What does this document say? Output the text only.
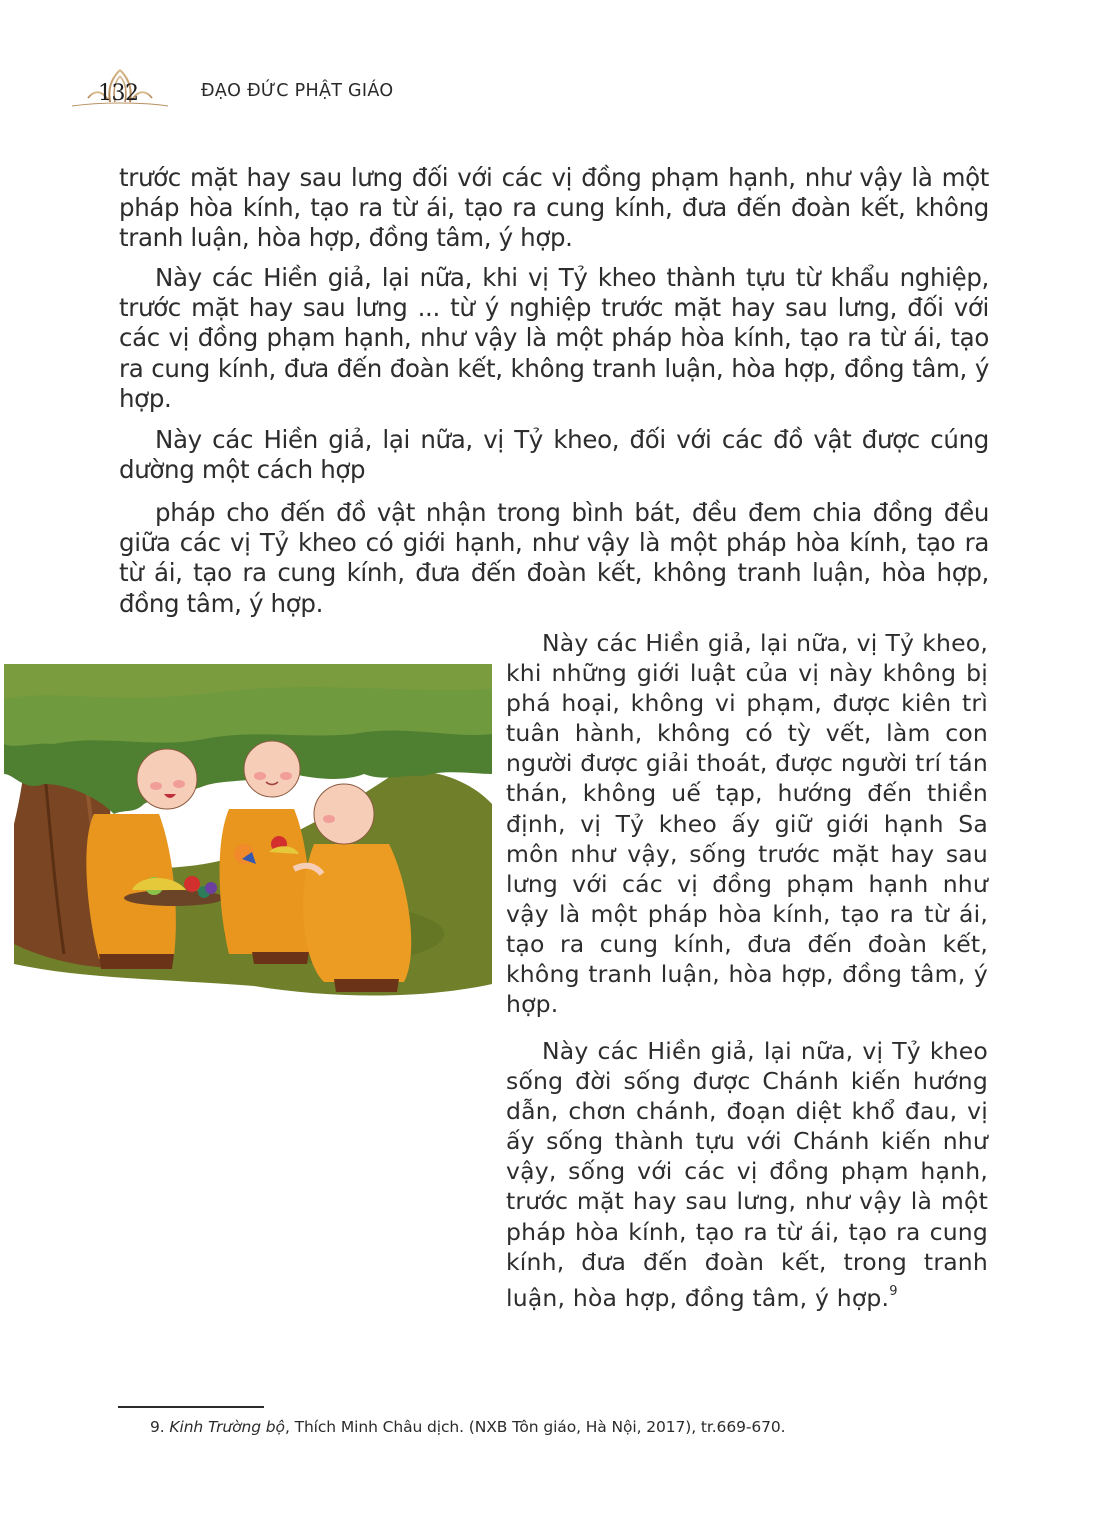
132	ĐẠO ĐỨC PHẬT GIÁO
trước mặt hay sau lưng đối với các vị đồng phạm hạnh, như vậy là một pháp hòa kính, tạo ra từ ái, tạo ra cung kính, đưa đến đoàn kết, không tranh luận, hòa hợp, đồng tâm, ý hợp.
Này các Hiền giả, lại nữa, khi vị Tỷ kheo thành tựu từ khẩu nghiệp, trước mặt hay sau lưng ... từ ý nghiệp trước mặt hay sau lưng, đối với các vị đồng phạm hạnh, như vậy là một pháp hòa kính, tạo ra từ ái, tạo ra cung kính, đưa đến đoàn kết, không tranh luận, hòa hợp, đồng tâm, ý hợp.
Này các Hiền giả, lại nữa, vị Tỷ kheo, đối với các đồ vật được cúng dường một cách hợp
pháp cho đến đồ vật nhận trong bình bát, đều đem chia đồng đều giữa các vị Tỷ kheo có giới hạnh, như vậy là một pháp hòa kính, tạo ra từ ái, tạo ra cung kính, đưa đến đoàn kết, không tranh luận, hòa hợp, đồng tâm, ý hợp.
Này các Hiền giả, lại nữa, vị Tỷ kheo, khi những giới luật của vị này không bị phá hoại, không vi phạm, được kiên trì tuân hành, không có tỳ vết, làm con người được giải thoát, được người trí tán thán, không uế tạp, hướng đến thiền định, vị Tỷ kheo ấy giữ giới hạnh Sa môn như vậy, sống trước mặt hay sau lưng với các vị đồng phạm hạnh như vậy là một pháp hòa kính, tạo ra từ ái, tạo ra cung kính, đưa đến đoàn kết, không tranh luận, hòa hợp, đồng tâm, ý hợp.
Này các Hiền giả, lại nữa, vị Tỷ kheo sống đời sống được Chánh kiến hướng dẫn, chơn chánh, đoạn diệt khổ đau, vị ấy sống thành tựu với Chánh kiến như vậy, sống với các vị đồng phạm hạnh, trước mặt hay sau lưng, như vậy là một pháp hòa kính, tạo ra từ ái, tạo ra cung kính, đưa đến đoàn kết, trong tranh luận, hòa hợp, đồng tâm, ý hợp.$^9$
9. Kinh Trường bộ, Thích Minh Châu dịch. (NXB Tôn giáo, Hà Nội, 2017), tr.669-670.
